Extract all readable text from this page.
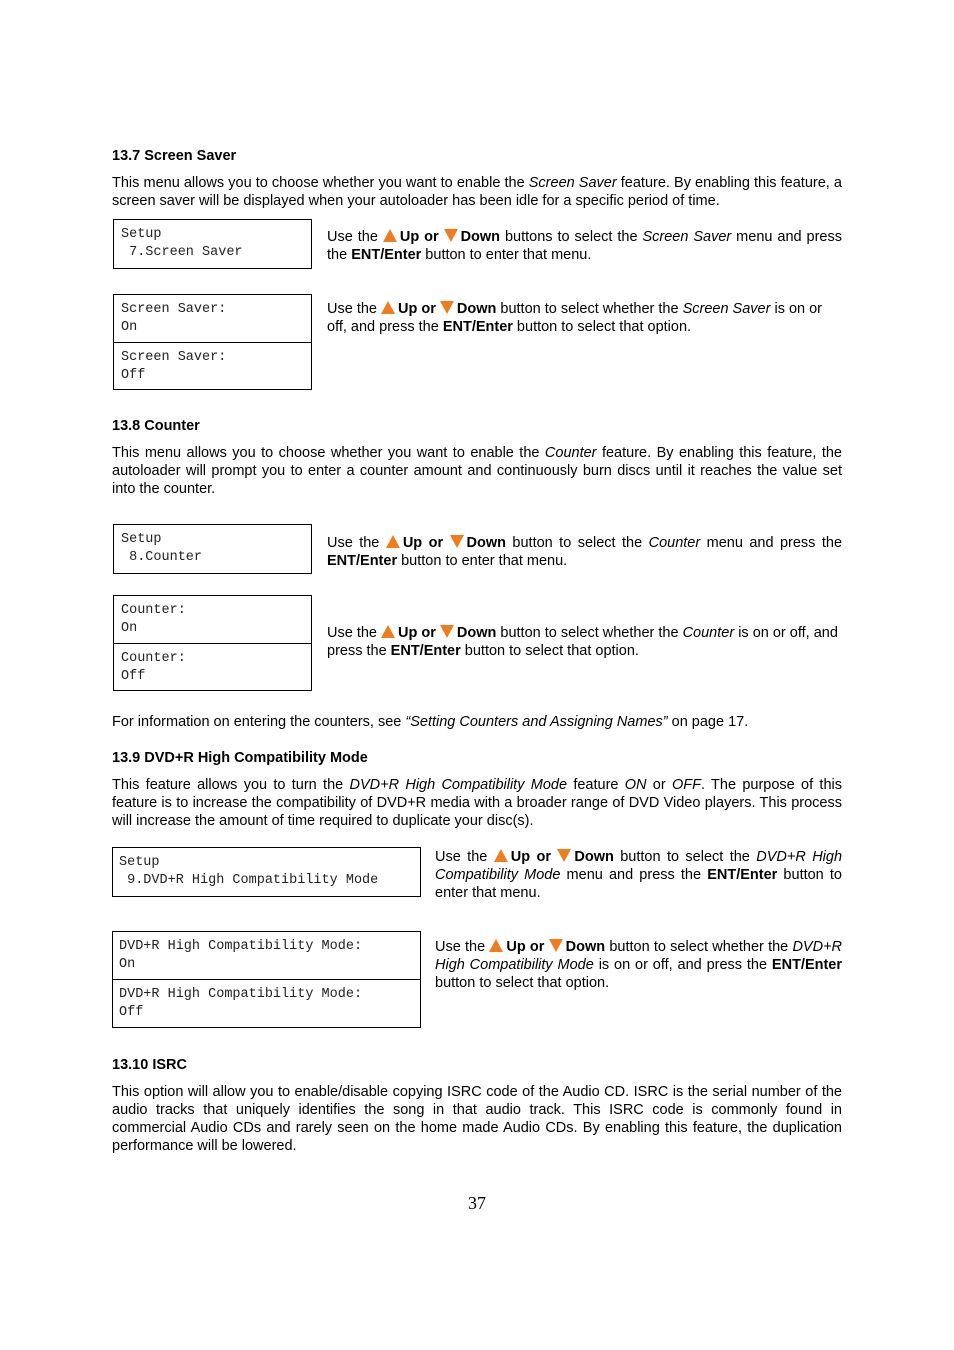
13.7 Screen Saver
This menu allows you to choose whether you want to enable the Screen Saver feature. By enabling this feature, a screen saver will be displayed when your autoloader has been idle for a specific period of time.
Setup
7.Screen Saver
Use the Up or Down buttons to select the Screen Saver menu and press the ENT/Enter button to enter that menu.
Screen Saver:
On
Screen Saver:
Off
Use the Up or Down button to select whether the Screen Saver is on or off, and press the ENT/Enter button to select that option.
13.8 Counter
This menu allows you to choose whether you want to enable the Counter feature. By enabling this feature, the autoloader will prompt you to enter a counter amount and continuously burn discs until it reaches the value set into the counter.
Setup
8.Counter
Use the Up or Down button to select the Counter menu and press the ENT/Enter button to enter that menu.
Counter:
On
Counter:
Off
Use the Up or Down button to select whether the Counter is on or off, and press the ENT/Enter button to select that option.
For information on entering the counters, see “Setting Counters and Assigning Names” on page 17.
13.9 DVD+R High Compatibility Mode
This feature allows you to turn the DVD+R High Compatibility Mode feature ON or OFF. The purpose of this feature is to increase the compatibility of DVD+R media with a broader range of DVD Video players. This process will increase the amount of time required to duplicate your disc(s).
Setup
9.DVD+R High Compatibility Mode
Use the Up or Down button to select the DVD+R High Compatibility Mode menu and press the ENT/Enter button to enter that menu.
DVD+R High Compatibility Mode:
On
DVD+R High Compatibility Mode:
Off
Use the Up or Down button to select whether the DVD+R High Compatibility Mode is on or off, and press the ENT/Enter button to select that option.
13.10 ISRC
This option will allow you to enable/disable copying ISRC code of the Audio CD. ISRC is the serial number of the audio tracks that uniquely identifies the song in that audio track. This ISRC code is commonly found in commercial Audio CDs and rarely seen on the home made Audio CDs. By enabling this feature, the duplication performance will be lowered.
37
